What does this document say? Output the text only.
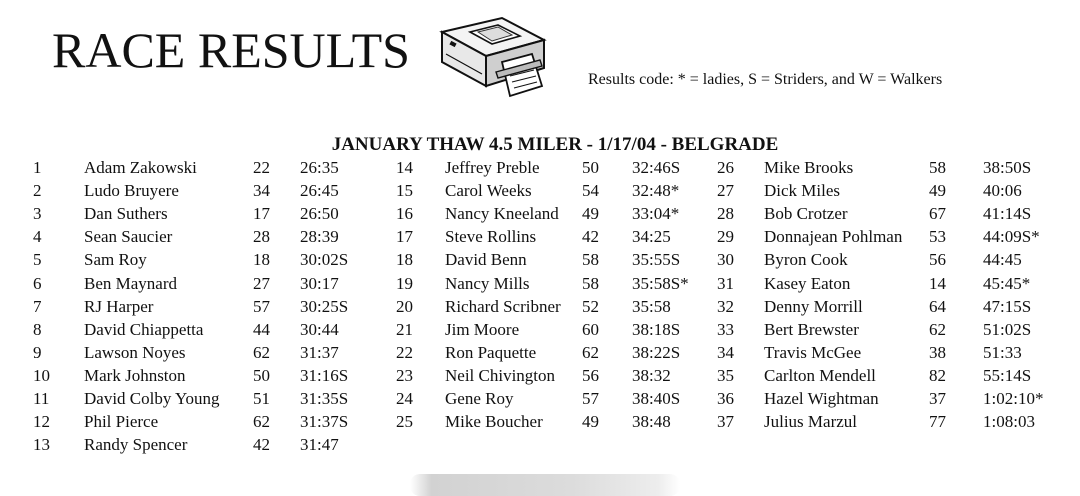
RACE RESULTS
Results code: * = ladies, S = Striders, and W = Walkers
JANUARY THAW 4.5 MILER - 1/17/04 - BELGRADE
1	Adam Zakowski	22 26:35
2	Ludo Bruyere	34 26:45
3	Dan Suthers	17 26:50
4	Sean Saucier	28 28:39
5	Sam Roy	18 30:02S
6	Ben Maynard	27 30:17
7	RJ Harper	57 30:25S
8	David Chiappetta	44 30:44
9	Lawson Noyes	62 31:37
10 Mark Johnston	50 31:16S
11 David Colby Young 51 31:35S
12 Phil Pierce	62 31:37S
13 Randy Spencer	42 31:47
14 Jeffrey Preble 50 32:46S
15 Carol Weeks	54 32:48*
16 Nancy Kneeland 49 33:04*
17 Steve Rollins	42 34:25
18 David Benn	58 35:55S
19 Nancy Mills	58 35:58S*
20 Richard Scribner 52 35:58
21 Jim Moore	60 38:18S
22 Ron Paquette	62 38:22S
23 Neil Chivington 56 38:32
24 Gene Roy	57 38:40S
25 Mike Boucher 49 38:48
26 Mike Brooks	58 38:50S
27 Dick Miles	49 40:06
28 Bob Crotzer	67 41:14S
29 Donnajean Pohlman 53 44:09S*
30 Byron Cook	56 44:45
31 Kasey Eaton	14 45:45*
32 Denny Morrill	64 47:15S
33 Bert Brewster	62 51:02S
34 Travis McGee	38 51:33
35 Carlton Mendell	82 55:14S
36 Hazel Wightman	37 1:02:10*
37 Julius Marzul	77 1:08:03
